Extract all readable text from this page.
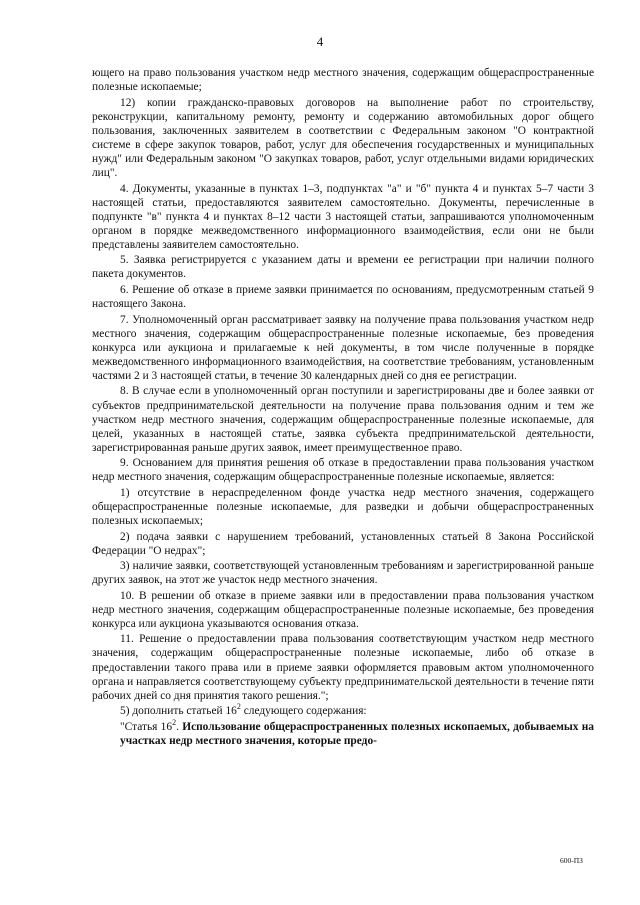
4

ющего на право пользования участком недр местного значения, содержащим общераспространенные полезные ископаемые;

12) копии гражданско-правовых договоров на выполнение работ по строительству, реконструкции, капитальному ремонту, ремонту и содержанию автомобильных дорог общего пользования, заключенных заявителем в соответствии с Федеральным законом "О контрактной системе в сфере закупок товаров, работ, услуг для обеспечения государственных и муниципальных нужд" или Федеральным законом "О закупках товаров, работ, услуг отдельными видами юридических лиц".

4. Документы, указанные в пунктах 1–3, подпунктах "а" и "б" пункта 4 и пунктах 5–7 части 3 настоящей статьи, предоставляются заявителем самостоятельно. Документы, перечисленные в подпункте "в" пункта 4 и пунктах 8–12 части 3 настоящей статьи, запрашиваются уполномоченным органом в порядке межведомственного информационного взаимодействия, если они не были представлены заявителем самостоятельно.

5. Заявка регистрируется с указанием даты и времени ее регистрации при наличии полного пакета документов.

6. Решение об отказе в приеме заявки принимается по основаниям, предусмотренным статьей 9 настоящего Закона.

7. Уполномоченный орган рассматривает заявку на получение права пользования участком недр местного значения, содержащим общераспространенные полезные ископаемые, без проведения конкурса или аукциона и прилагаемые к ней документы, в том числе полученные в порядке межведомственного информационного взаимодействия, на соответствие требованиям, установленным частями 2 и 3 настоящей статьи, в течение 30 календарных дней со дня ее регистрации.

8. В случае если в уполномоченный орган поступили и зарегистрированы две и более заявки от субъектов предпринимательской деятельности на получение права пользования одним и тем же участком недр местного значения, содержащим общераспространенные полезные ископаемые, для целей, указанных в настоящей статье, заявка субъекта предпринимательской деятельности, зарегистрированная раньше других заявок, имеет преимущественное право.

9. Основанием для принятия решения об отказе в предоставлении права пользования участком недр местного значения, содержащим общераспространенные полезные ископаемые, является:

1) отсутствие в нераспределенном фонде участка недр местного значения, содержащего общераспространенные полезные ископаемые, для разведки и добычи общераспространенных полезных ископаемых;

2) подача заявки с нарушением требований, установленных статьей 8 Закона Российской Федерации "О недрах";

3) наличие заявки, соответствующей установленным требованиям и зарегистрированной раньше других заявок, на этот же участок недр местного значения.

10. В решении об отказе в приеме заявки или в предоставлении права пользования участком недр местного значения, содержащим общераспространенные полезные ископаемые, без проведения конкурса или аукциона указываются основания отказа.

11. Решение о предоставлении права пользования соответствующим участком недр местного значения, содержащим общераспространенные полезные ископаемые, либо об отказе в предоставлении такого права или в приеме заявки оформляется правовым актом уполномоченного органа и направляется соответствующему субъекту предпринимательской деятельности в течение пяти рабочих дней со дня принятия такого решения.";

5) дополнить статьей $16^2$ следующего содержания:

"Статья $16^2$. Использование общераспространенных полезных ископаемых, добываемых на участках недр местного значения, которые предо-

600-ПЗ
